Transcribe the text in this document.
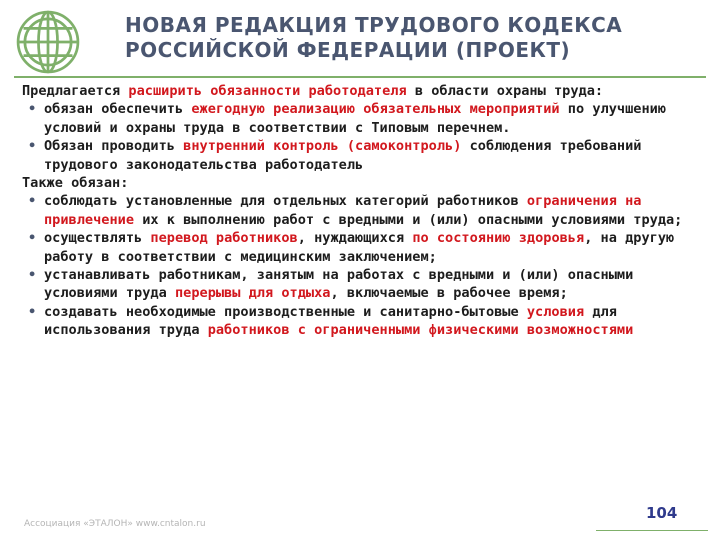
НОВАЯ РЕДАКЦИЯ ТРУДОВОГО КОДЕКСА
РОССИЙСКОЙ ФЕДЕРАЦИИ (ПРОЕКТ)

Предлагается расширить обязанности работодателя в области охраны труда:

• обязан обеспечить ежегодную реализацию обязательных мероприятий по улучшению условий и охраны труда в соответствии с Типовым перечнем.
• Обязан проводить внутренний контроль (самоконтроль) соблюдения требований трудового законодательства работодатель

Также обязан:

• соблюдать установленные для отдельных категорий работников ограничения на привлечение их к выполнению работ с вредными и (или) опасными условиями труда;
• осуществлять перевод работников, нуждающихся по состоянию здоровья, на другую работу в соответствии с медицинским заключением;
• устанавливать работникам, занятым на работах с вредными и (или) опасными условиями труда перерывы для отдыха, включаемые в рабочее время;
• создавать необходимые производственные и санитарно-бытовые условия для использования труда работников с ограниченными физическими возможностями
Ассоциация «ЭТАЛОН» www.cntalon.ru
104
